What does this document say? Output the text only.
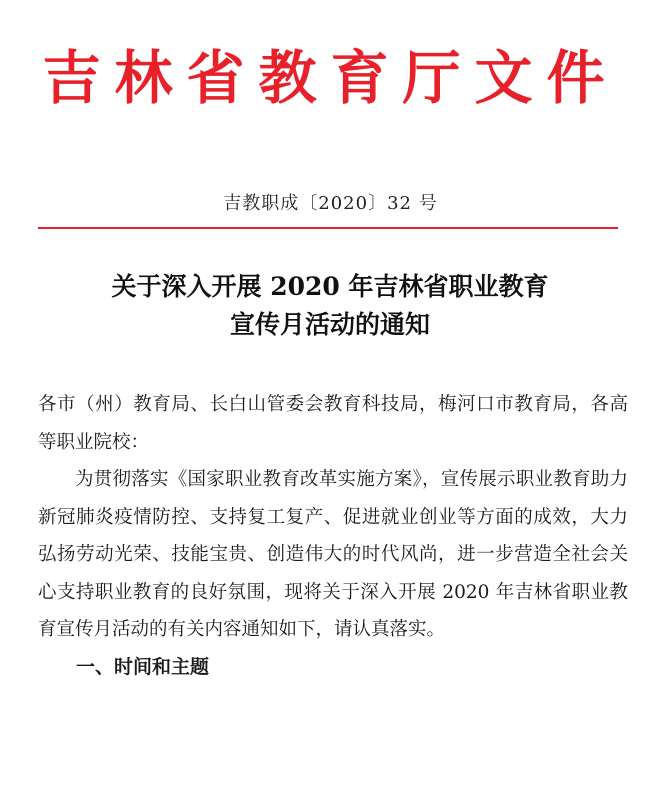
吉林省教育厅文件
吉教职成〔2020〕32 号
关于深入开展 2020 年吉林省职业教育
宣传月活动的通知

各市（州）教育局、长白山管委会教育科技局，梅河口市教育局，各高等职业院校：

为贯彻落实《国家职业教育改革实施方案》，宣传展示职业教育助力新冠肺炎疫情防控、支持复工复产、促进就业创业等方面的成效，大力弘扬劳动光荣、技能宝贵、创造伟大的时代风尚，进一步营造全社会关心支持职业教育的良好氛围，现将关于深入开展 2020 年吉林省职业教育宣传月活动的有关内容通知如下，请认真落实。

一、时间和主题
